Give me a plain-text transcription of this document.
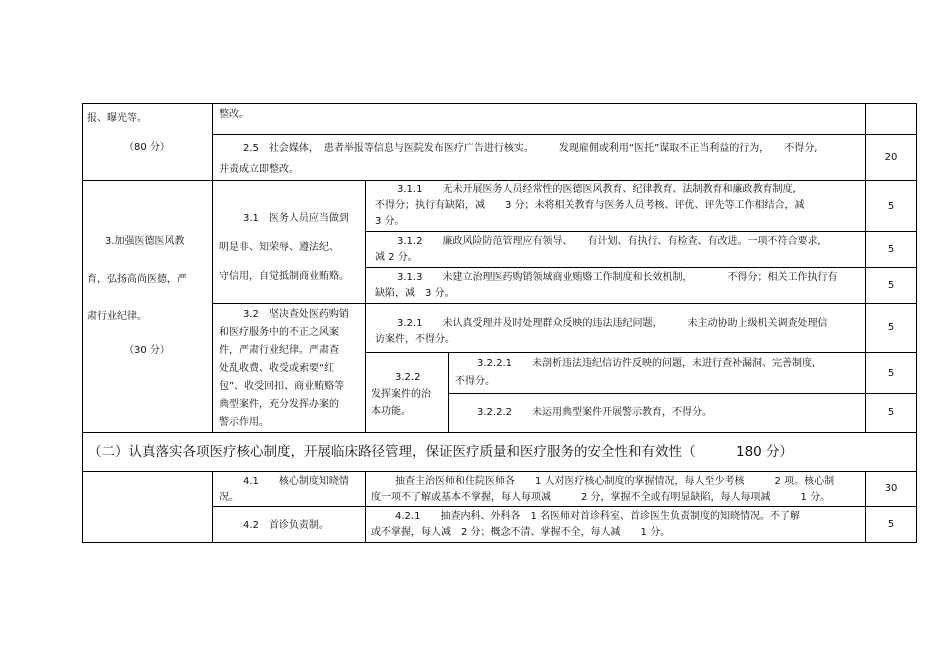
报、曝光等。
（80 分）
整改。
2.5　社会媒体，　患者举报等信息与医院发布医疗广告进行核实。　　　发现雇佣或利用“医托”谋取不正当利益的行为，　　不得分,
并责成立即整改。
20
3.加强医德医风教
育，弘扬高尚医德，严
肃行业纪律。
（30 分）
3.1　医务人员应当做到
明是非、知荣辱、遵法纪、
守信用，自觉抵制商业贿赂。
3.1.1　　无未开展医务人员经常性的医德医风教育、纪律教育、法制教育和廉政教育制度,
不得分；执行有缺陷，减　　3 分；未将相关教育与医务人员考核、评优、评先等工作相结合，减
3 分。
3.1.2　　廉政风险防范管理应有领导、　　有计划、有执行、有检查、有改进。一项不符合要求,
减 2 分。
3.1.3　　未建立治理医药购销领域商业贿赂工作制度和长效机制，　　　　不得分；相关工作执行有
缺陷，减　3 分。
3.2　坚决查处医药购销
和医疗服务中的不正之风案
件，严肃行业纪律。严肃查
处乱收费、收受或索要“红
包”、收受回扣、商业贿赂等
典型案件，充分发挥办案的
警示作用。
3.2.1　　未认真受理并及时处理群众反映的违法违纪问题，　　　未主动协助上级机关调查处理信
访案件，不得分。
3.2.2
发挥案件的治
本功能。
3.2.2.1　　未剖析违法违纪信访件反映的问题，未进行查补漏洞、完善制度,
不得分。
3.2.2.2　　未运用典型案件开展警示教育，不得分。
5
5
5
5
5
5
（二）认真落实各项医疗核心制度，开展临床路径管理，保证医疗质量和医疗服务的安全性和有效性（　　　180 分）
4.1　　核心制度知晓情
况。
抽查主治医师和住院医师各　　1 人对医疗核心制度的掌握情况，每人至少考核　　　2 项。核心制
度一项不了解或基本不掌握，每人每项减　　　2 分，掌握不全或有明显缺陷，每人每项减　　　1 分。
30
4.2　首诊负责制。
4.2.1　　抽查内科、外科各　1 名医师对首诊科室、首诊医生负责制度的知晓情况。不了解
或不掌握，每人减　2 分；概念不清、掌握不全，每人减　　1 分。
5
